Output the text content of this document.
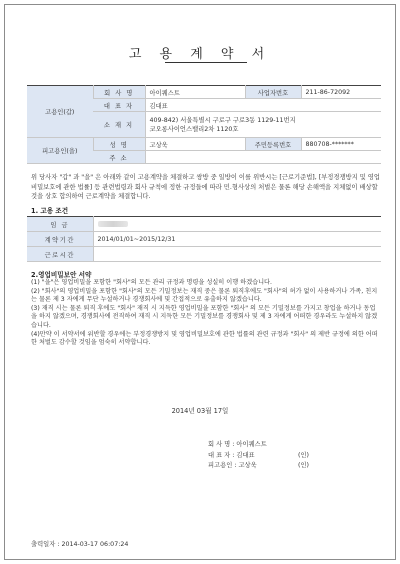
고 용 계 약 서
고용인(갑)	회 사 명	아이퀘스트	사업자번호	211-86-72092
	대 표 자	김대표		
	소 재 지	409-842) 서울특별시 구로구 구로3동 1129-11번지
코오롱사이언스밸리2차 1120호		

피고용인(을)	성 명	고상욱	주민등록번호	880708-*******
	주 소			
위 당사자 "갑" 과 "을" 은 아래와 같이 고용계약을 체결하고 쌍방 중 일방이 이를 위반시는 [근로기준법], [부정경쟁방지 및 영업비밀보호에 관한 법률] 등 관련법령과 회사 규칙에 정한 규정들에 따라 민.형사상의 처벌은 물론 해당 손해액을 지체없이 배상할 것을 상호 합의하여 근로계약을 체결합니다.
1. 고용 조건
임 금	
계약기간	2014/01/01~2015/12/31
근로시간	
2.영업비밀보안 서약

(1) "을"은 영업비밀을 포함한 "회사"의 모든 관리 규정과 명령을 성실히 이행 하겠습니다.

(2) "회사"의 영업비밀을 포함한 "회사"의 모든 기밀정보는 재직 중은 물론 퇴직후에도 "회사"의 허가 없이 사용하거나 가족, 친지는 물론 제 3 자에게 무단 누설하거나 경쟁회사에 및 간접적으로 유출하지 않겠습니다.

(3) 재직 시는 물론 퇴직 후에도 "회사" 재직 시 지득한 영업비밀을 포함한 "회사" 의 모든 기밀정보를 가지고 창업을 하거나 동업을 하지 않겠으며, 경쟁회사에 전직하여 재직 시 지득한 모든 기밀정보를 경쟁회사 및 제 3 자에게 어떠한 경우라도 누설하지 않겠습니다.

(4)만약 이 서약서에 위반할 경우에는 부정경쟁방지 및 영업비밀보호에 관한 법률의 관련 규정과 "회사" 의 제반 규정에 의한 어떠한 처벌도 감수할 것임을 엄숙히 서약합니다.

2014년 03월 17일
회 사 명 : 아이퀘스트
대 표 자 : 김대표	(인)
피고용인 : 고상욱	(인)
출력일자 : 2014-03-17 06:07:24
